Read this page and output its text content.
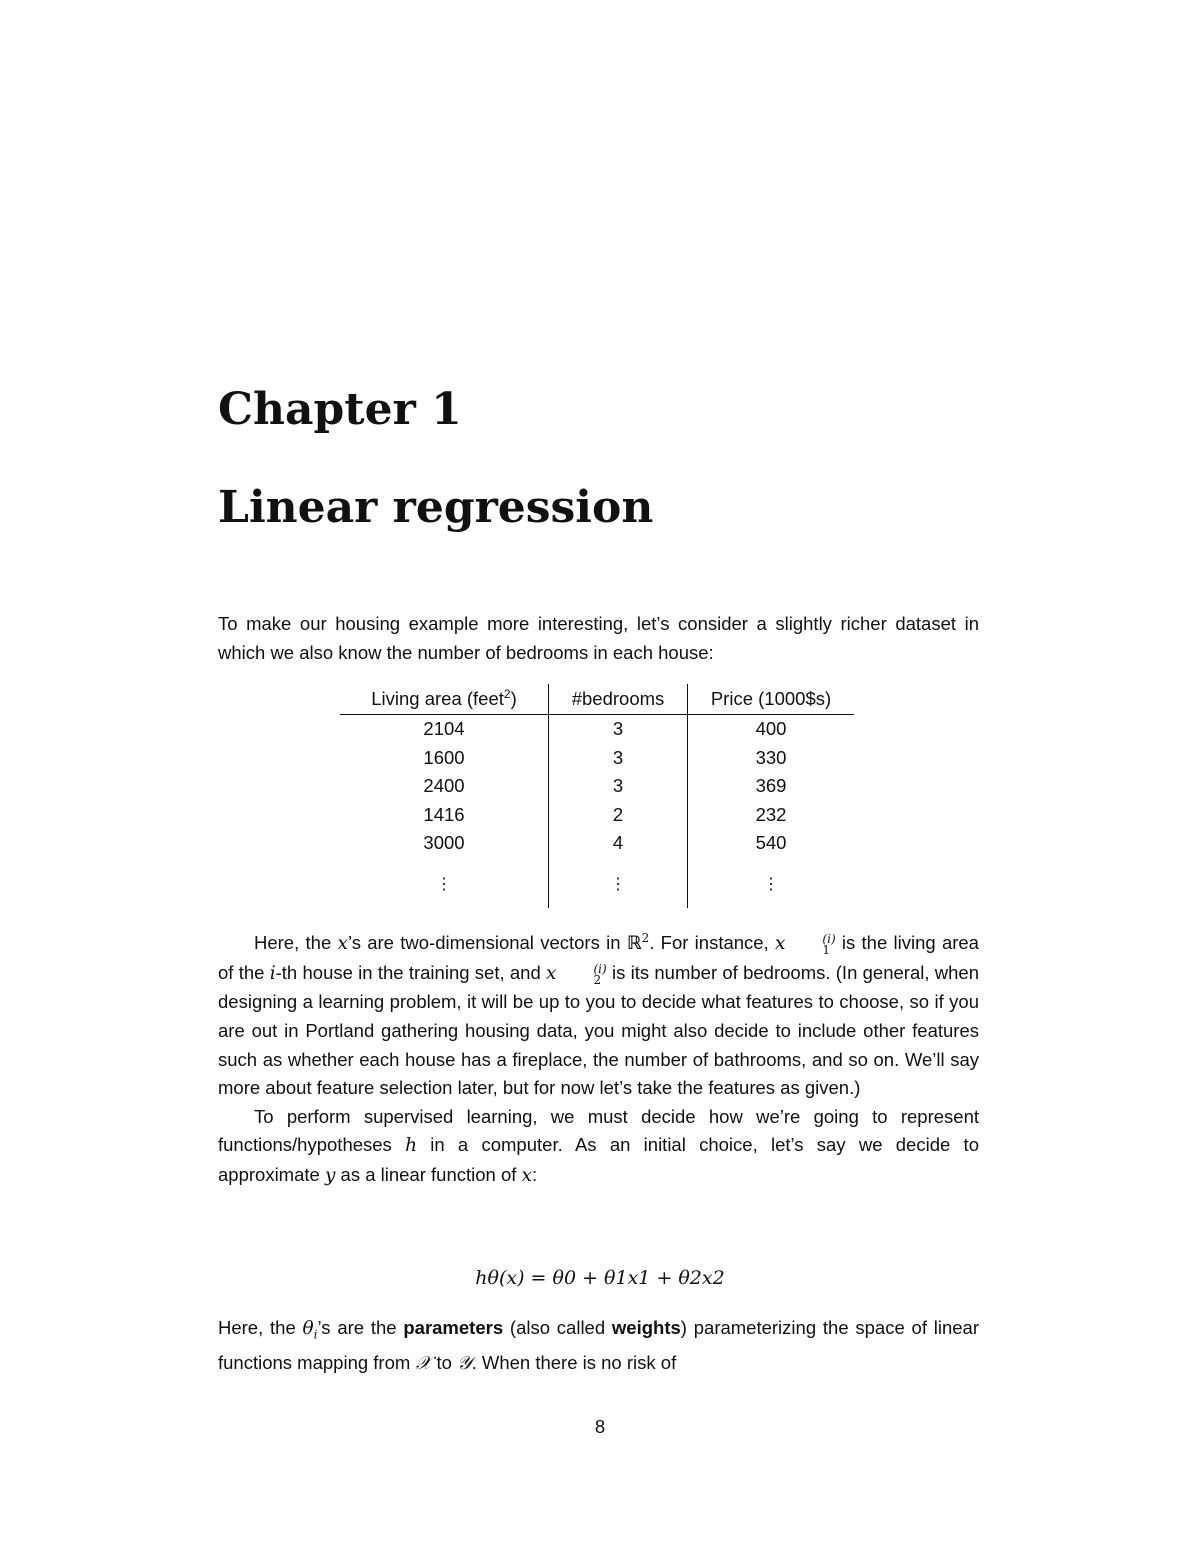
Chapter 1
Linear regression

To make our housing example more interesting, let’s consider a slightly richer dataset in which we also know the number of bedrooms in each house:

Living area (feet$^2$)	#bedrooms	Price (1000$s)
2104	3	400
1600	3	330
2400	3	369
1416	2	232
3000	4	540
⋮	⋮	⋮

Here, the x’s are two-dimensional vectors in ℝ$^2$. For instance, x	(i)
1 is the living area of the i-th house in the training set, and x	(i)
2 is its number of bedrooms. (In general, when designing a learning problem, it will be up to you to decide what features to choose, so if you are out in Portland gathering housing data, you might also decide to include other features such as whether each house has a fireplace, the number of bathrooms, and so on. We’ll say more about feature selection later, but for now let’s take the features as given.)

To perform supervised learning, we must decide how we’re going to represent functions/hypotheses h in a computer. As an initial choice, let’s say we decide to approximate y as a linear function of x:

hθ(x) = θ0 + θ1x1 + θ2x2

Here, the $\theta_i’s$ are the parameters (also called weights) parameterizing the space of linear functions mapping from 𝒳 to 𝒴. When there is no risk of

8
